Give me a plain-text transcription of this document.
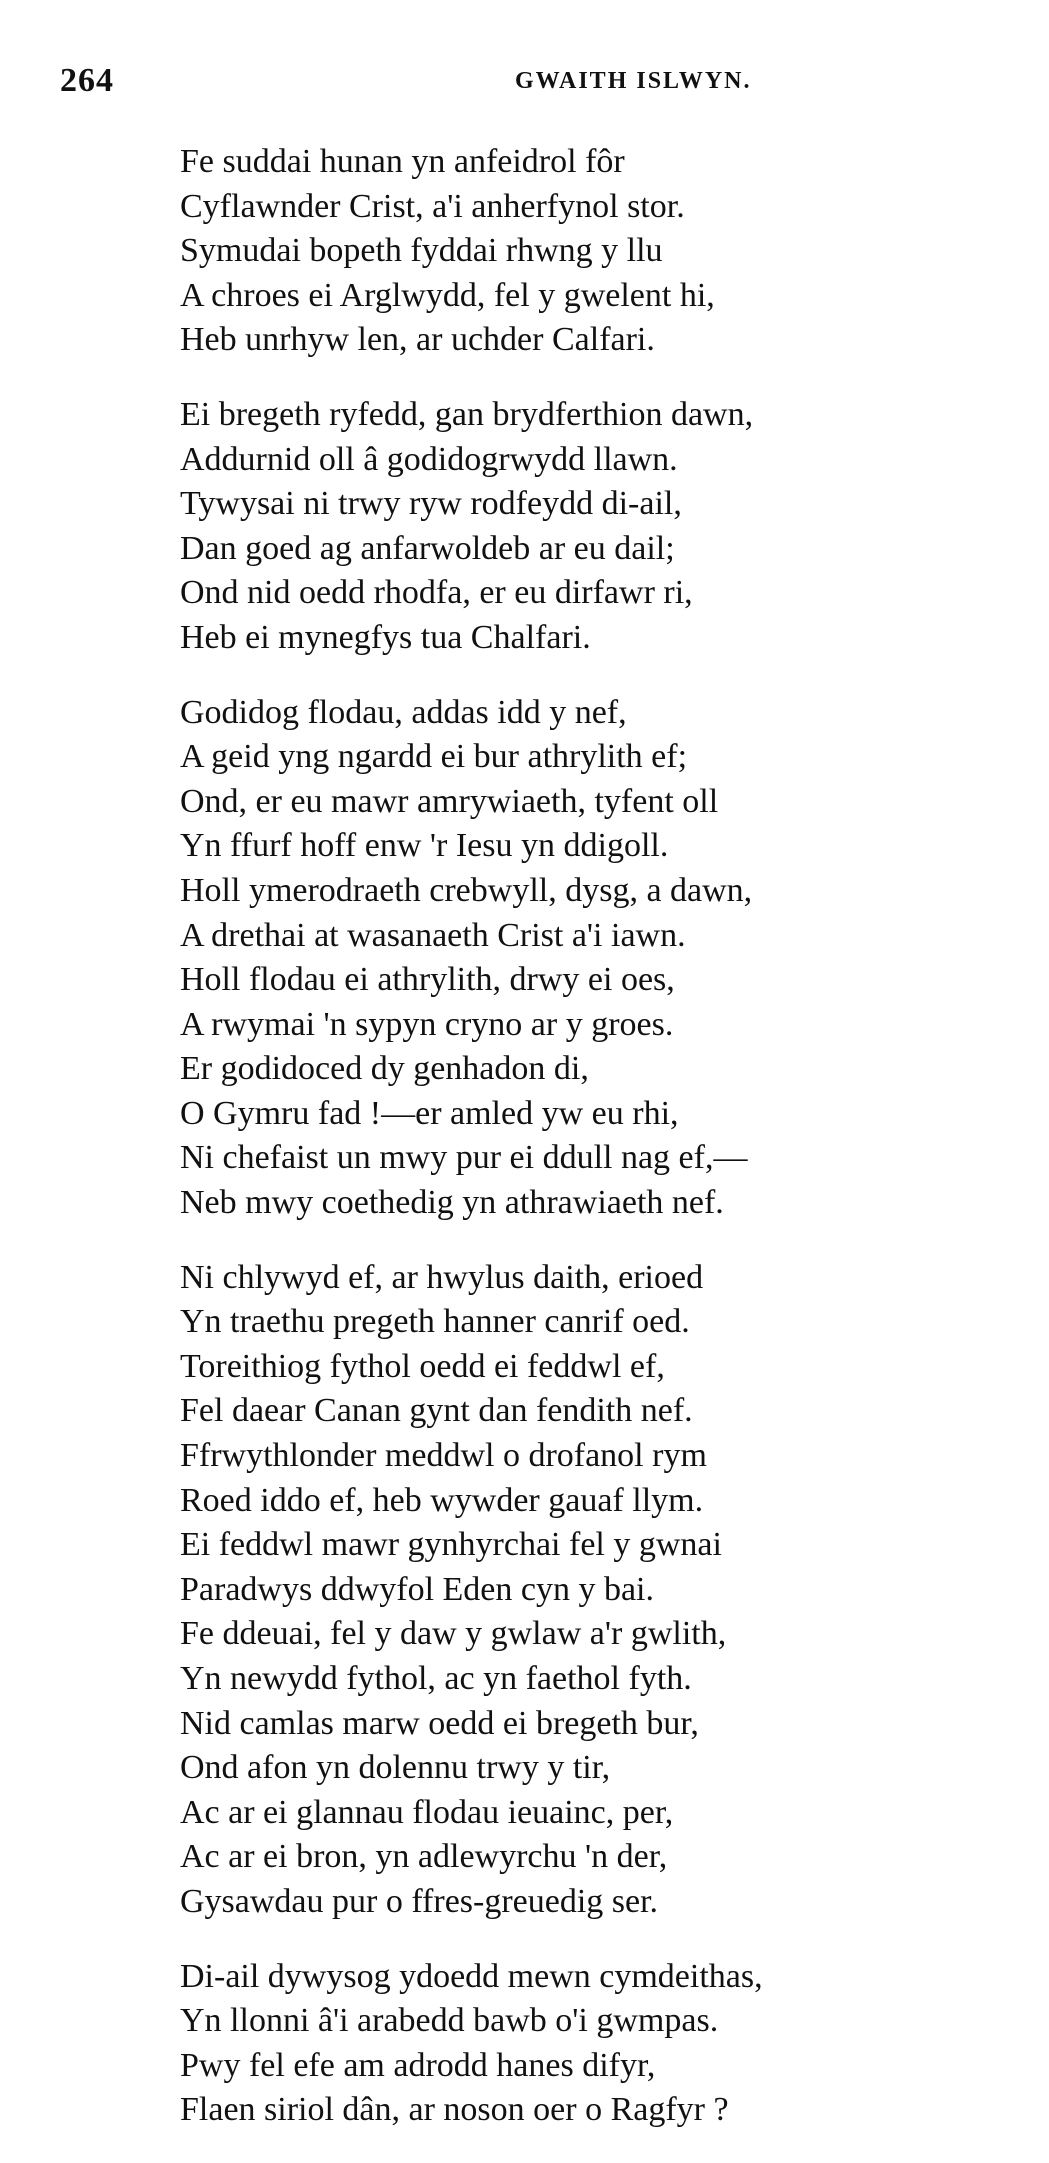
264	GWAITH ISLWYN.
Fe suddai hunan yn anfeidrol fôr
Cyflawnder Crist, a'i anherfynol stor.
Symudai bopeth fyddai rhwng y llu
A chroes ei Arglwydd, fel y gwelent hi,
Heb unrhyw len, ar uchder Calfari.
Ei bregeth ryfedd, gan brydferthion dawn,
Addurnid oll â godidogrwydd llawn.
Tywysai ni trwy ryw rodfeydd di-ail,
Dan goed ag anfarwoldeb ar eu dail;
Ond nid oedd rhodfa, er eu dirfawr ri,
Heb ei mynegfys tua Chalfari.
Godidog flodau, addas idd y nef,
A geid yng ngardd ei bur athrylith ef;
Ond, er eu mawr amrywiaeth, tyfent oll
Yn ffurf hoff enw 'r Iesu yn ddigoll.
Holl ymerodraeth crebwyll, dysg, a dawn,
A drethai at wasanaeth Crist a'i iawn.
Holl flodau ei athrylith, drwy ei oes,
A rwymai 'n sypyn cryno ar y groes.
Er godidoced dy genhadon di,
O Gymru fad !—er amled yw eu rhi,
Ni chefaist un mwy pur ei ddull nag ef,—
Neb mwy coethedig yn athrawiaeth nef.
Ni chlywyd ef, ar hwylus daith, erioed
Yn traethu pregeth hanner canrif oed.
Toreithiog fythol oedd ei feddwl ef,
Fel daear Canan gynt dan fendith nef.
Ffrwythlonder meddwl o drofanol rym
Roed iddo ef, heb wywder gauaf llym.
Ei feddwl mawr gynhyrchai fel y gwnai
Paradwys ddwyfol Eden cyn y bai.
Fe ddeuai, fel y daw y gwlaw a'r gwlith,
Yn newydd fythol, ac yn faethol fyth.
Nid camlas marw oedd ei bregeth bur,
Ond afon yn dolennu trwy y tir,
Ac ar ei glannau flodau ieuainc, per,
Ac ar ei bron, yn adlewyrchu 'n der,
Gysawdau pur o ffres-greuedig ser.
Di-ail dywysog ydoedd mewn cymdeithas,
Yn llonni â'i arabedd bawb o'i gwmpas.
Pwy fel efe am adrodd hanes difyr,
Flaen siriol dân, ar noson oer o Ragfyr ?
